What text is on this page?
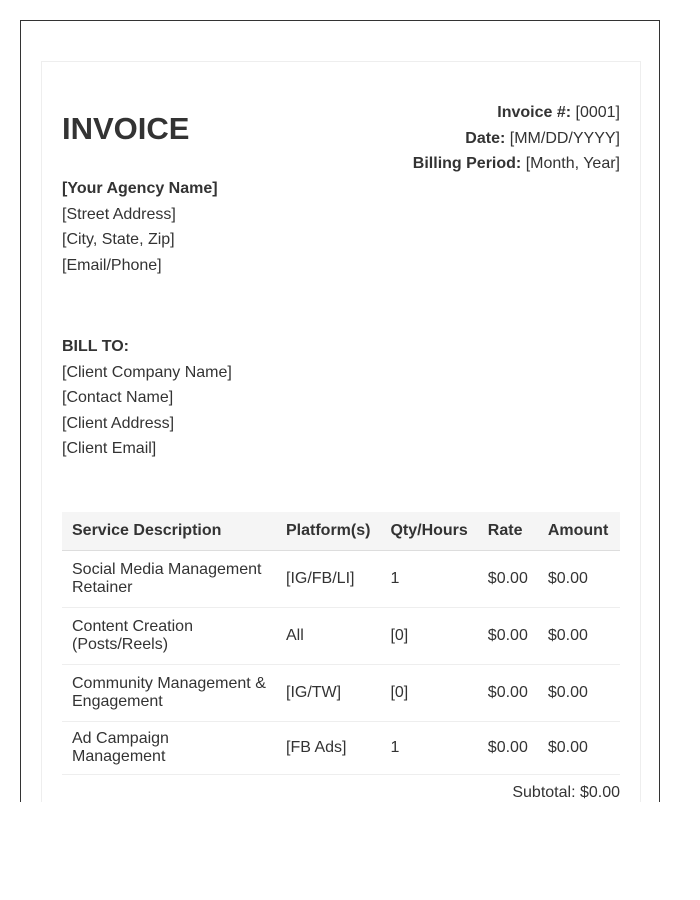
INVOICE	Invoice #: [0001]
Date: [MM/DD/YYYY]
Billing Period: [Month, Year]
[Your Agency Name]
[Street Address]
[City, State, Zip]
[Email/Phone]
BILL TO:
[Client Company Name]
[Contact Name]
[Client Address]
[Client Email]
Service Description	Platform(s)	Qty/Hours	Rate	Amount
Social Media Management Retainer	[IG/FB/LI]	1	$0.00	$0.00
Content Creation (Posts/Reels)	All	[0]	$0.00	$0.00
Community Management & Engagement	[IG/TW]	[0]	$0.00	$0.00
Ad Campaign Management	[FB Ads]	1	$0.00	$0.00
Subtotal: $0.00
